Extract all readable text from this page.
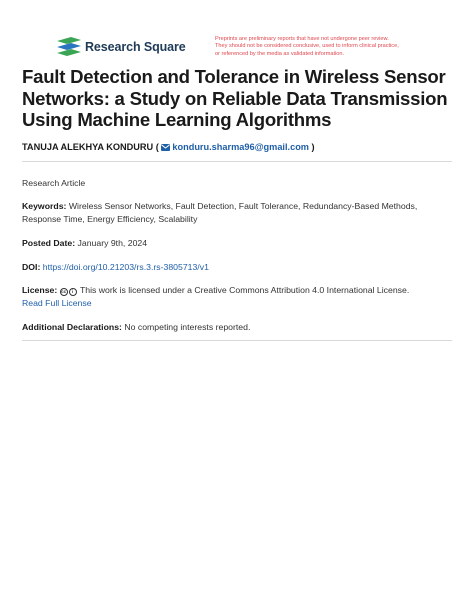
Research Square
Preprints are preliminary reports that have not undergone peer review.
They should not be considered conclusive, used to inform clinical practice,
or referenced by the media as validated information.
Fault Detection and Tolerance in Wireless Sensor
Networks: a Study on Reliable Data Transmission
Using Machine Learning Algorithms
TANUJA ALEKHYA KONDURU ( konduru.sharma96@gmail.com )
Research Article
Keywords: Wireless Sensor Networks, Fault Detection, Fault Tolerance, Redundancy-Based Methods, Response Time, Energy Efficiency, Scalability
Posted Date: January 9th, 2024
DOI: https://doi.org/10.21203/rs.3.rs-3805713/v1
License: cc i This work is licensed under a Creative Commons Attribution 4.0 International License.
Read Full License
Additional Declarations: No competing interests reported.
